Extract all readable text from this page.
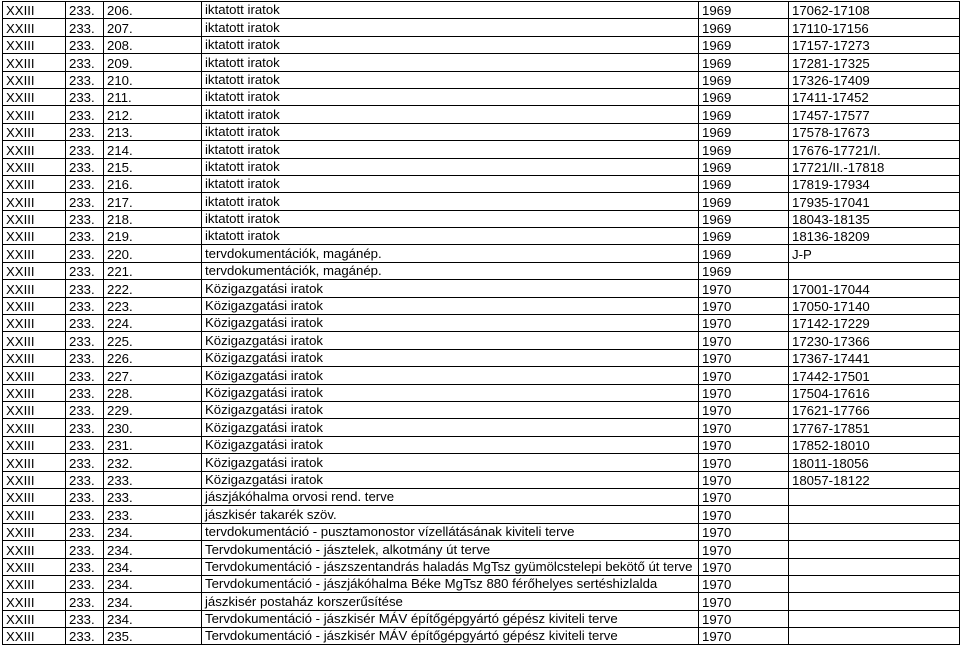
XXIII	233.	206.	iktatott iratok	1969	17062-17108
XXIII	233.	207.	iktatott iratok	1969	17110-17156
XXIII	233.	208.	iktatott iratok	1969	17157-17273
XXIII	233.	209.	iktatott iratok	1969	17281-17325
XXIII	233.	210.	iktatott iratok	1969	17326-17409
XXIII	233.	211.	iktatott iratok	1969	17411-17452
XXIII	233.	212.	iktatott iratok	1969	17457-17577
XXIII	233.	213.	iktatott iratok	1969	17578-17673
XXIII	233.	214.	iktatott iratok	1969	17676-17721/I.
XXIII	233.	215.	iktatott iratok	1969	17721/II.-17818
XXIII	233.	216.	iktatott iratok	1969	17819-17934
XXIII	233.	217.	iktatott iratok	1969	17935-17041
XXIII	233.	218.	iktatott iratok	1969	18043-18135
XXIII	233.	219.	iktatott iratok	1969	18136-18209
XXIII	233.	220.	tervdokumentációk, magánép.	1969	J-P
XXIII	233.	221.	tervdokumentációk, magánép.	1969	
XXIII	233.	222.	Közigazgatási iratok	1970	17001-17044
XXIII	233.	223.	Közigazgatási iratok	1970	17050-17140
XXIII	233.	224.	Közigazgatási iratok	1970	17142-17229
XXIII	233.	225.	Közigazgatási iratok	1970	17230-17366
XXIII	233.	226.	Közigazgatási iratok	1970	17367-17441
XXIII	233.	227.	Közigazgatási iratok	1970	17442-17501
XXIII	233.	228.	Közigazgatási iratok	1970	17504-17616
XXIII	233.	229.	Közigazgatási iratok	1970	17621-17766
XXIII	233.	230.	Közigazgatási iratok	1970	17767-17851
XXIII	233.	231.	Közigazgatási iratok	1970	17852-18010
XXIII	233.	232.	Közigazgatási iratok	1970	18011-18056
XXIII	233.	233.	Közigazgatási iratok	1970	18057-18122
XXIII	233.	233.	jászjákóhalma orvosi rend. terve	1970	
XXIII	233.	233.	jászkisér takarék szöv.	1970	
XXIII	233.	234.	tervdokumentáció - pusztamonostor vízellátásának kiviteli terve	1970	
XXIII	233.	234.	Tervdokumentáció - jásztelek, alkotmány út terve	1970	
XXIII	233.	234.	Tervdokumentáció - jászszentandrás haladás MgTsz gyümölcstelepi bekötő út terve	1970	
XXIII	233.	234.	Tervdokumentáció - jászjákóhalma Béke MgTsz 880 férőhelyes sertéshizlalda	1970	
XXIII	233.	234.	jászkisér postaház korszerűsítése	1970	
XXIII	233.	234.	Tervdokumentáció - jászkisér MÁV építőgépgyártó gépész kiviteli terve	1970	
XXIII	233.	235.	Tervdokumentáció - jászkisér MÁV építőgépgyártó gépész kiviteli terve	1970	
